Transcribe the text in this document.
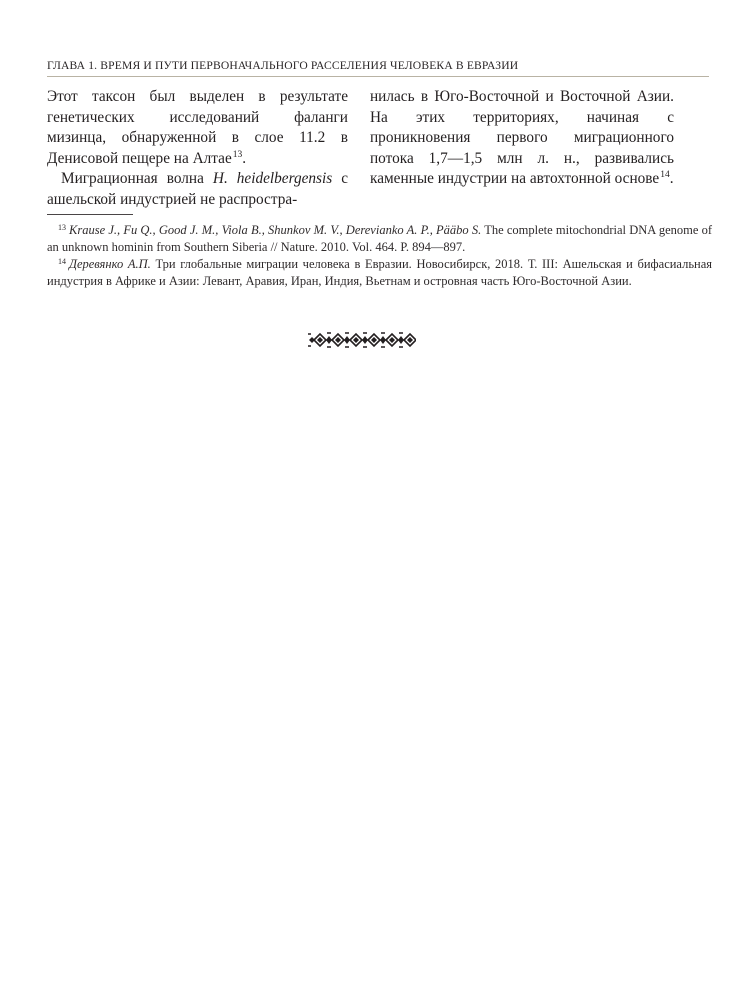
ГЛАВА 1. ВРЕМЯ И ПУТИ ПЕРВОНАЧАЛЬНОГО РАССЕЛЕНИЯ ЧЕЛОВЕКА В ЕВРАЗИИ

Этот таксон был выделен в результате генетических исследований фаланги мизинца, обнаруженной в слое 11.2 в Денисовой пещере на Алтае$^{13}$.

Миграционная волна H. heidelbergensis с ашельской индустрией не распростра-

нилась в Юго-Восточной и Восточной Азии. На этих территориях, начиная с проникновения первого миграционного потока 1,7—1,5 млн л. н., развивались каменные индустрии на автохтонной основе$^{14}$.

$^{13}$ Krause J., Fu Q., Good J. M., Viola B., Shunkov M. V., Derevianko A. P., Pääbo S. The complete mitochondrial DNA genome of an unknown hominin from Southern Siberia // Nature. 2010. Vol. 464. P. 894—897.

$^{14}$ Деревянко А.П. Три глобальные миграции человека в Евразии. Новосибирск, 2018. Т. III: Ашельская и бифасиальная индустрия в Африке и Азии: Левант, Аравия, Иран, Индия, Вьетнам и островная часть Юго-Восточной Азии.
